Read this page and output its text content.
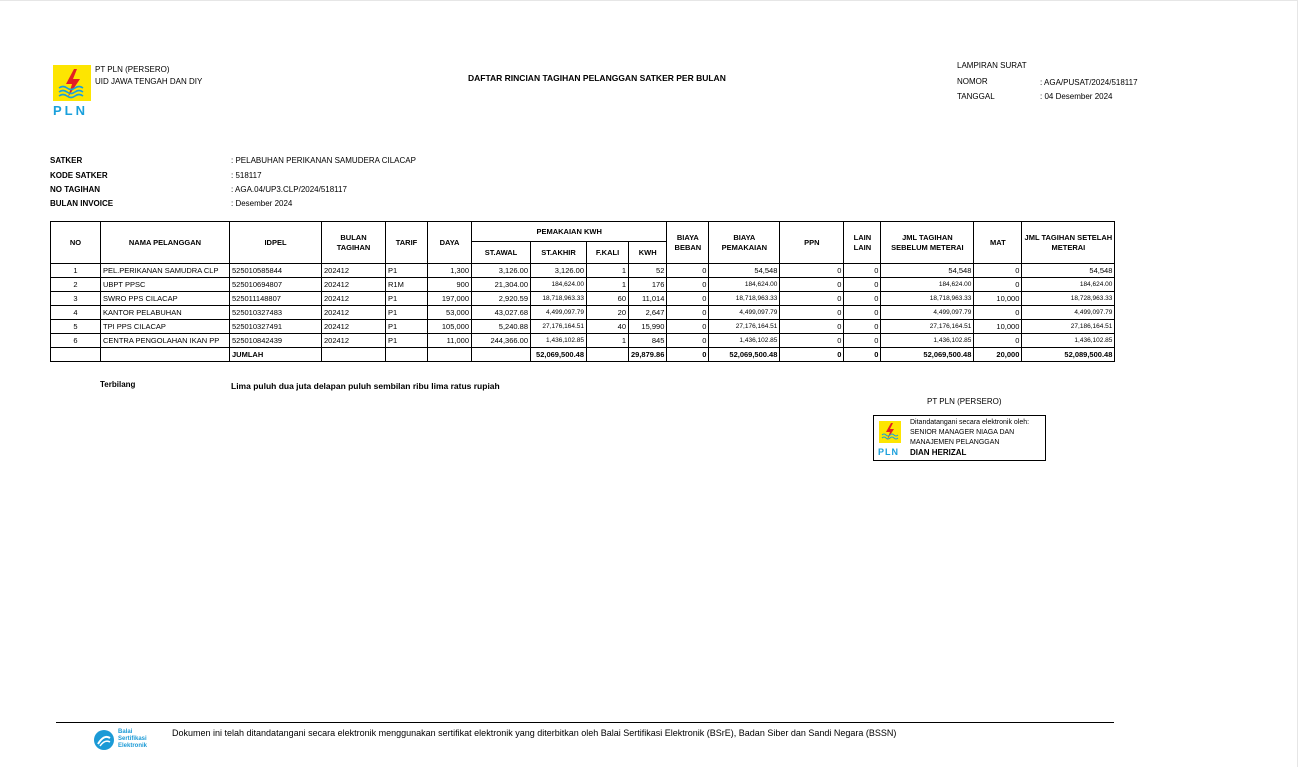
PLN
PT PLN (PERSERO)
UID JAWA TENGAH DAN DIY	DAFTAR RINCIAN TAGIHAN PELANGGAN SATKER PER BULAN
LAMPIRAN SURAT
NOMOR	: AGA/PUSAT/2024/518117
TANGGAL	: 04 Desember 2024
SATKER	: PELABUHAN PERIKANAN SAMUDERA CILACAP
KODE SATKER	: 518117
NO TAGIHAN	: AGA.04/UP3.CLP/2024/518117
BULAN INVOICE	: Desember 2024
NO	NAMA PELANGGAN	IDPEL	BULAN TAGIHAN	TARIF	DAYA	PEMAKAIAN KWH				BIAYA BEBAN	BIAYA PEMAKAIAN	PPN	LAIN LAIN	JML TAGIHAN SEBELUM METERAI	MAT	JML TAGIHAN SETELAH METERAI
						ST.AWAL	ST.AKHIR	F.KALI	KWH							
1	PEL.PERIKANAN SAMUDRA CLP	525010585844	202412	P1	1,300	3,126.00	3,126.00	1	52	0	54,548	0	0	54,548	0	54,548
2	UBPT PPSC	525010694807	202412	R1M	900	21,304.00	184,624.00	1	176	0	184,624.00	0	0	184,624.00	0	184,624.00
3	SWRO PPS CILACAP	525011148807	202412	P1	197,000	2,920.59	18,718,963.33	60	11,014	0	18,718,963.33	0	0	18,718,963.33	10,000	18,728,963.33
4	KANTOR PELABUHAN	525010327483	202412	P1	53,000	43,027.68	4,499,097.79	20	2,647	0	4,499,097.79	0	0	4,499,097.79	0	4,499,097.79
5	TPI PPS CILACAP	525010327491	202412	P1	105,000	5,240.88	27,176,164.51	40	15,990	0	27,176,164.51	0	0	27,176,164.51	10,000	27,186,164.51
6	CENTRA PENGOLAHAN IKAN PP	525010842439	202412	P1	11,000	244,366.00	1,436,102.85	1	845	0	1,436,102.85	0	0	1,436,102.85	0	1,436,102.85
		JUMLAH					52,069,500.48		29,879.86	0	52,069,500.48	0	0	52,069,500.48	20,000	52,089,500.48
Terbilang	Lima puluh dua juta delapan puluh sembilan ribu lima ratus rupiah
PT PLN (PERSERO)
PLN
Ditandatangani secara elektronik oleh:
SENIOR MANAGER NIAGA DAN
MANAJEMEN PELANGGAN
DIAN HERIZAL
Balai
Sertifikasi
Elektronik
Dokumen ini telah ditandatangani secara elektronik menggunakan sertifikat elektronik yang diterbitkan oleh Balai Sertifikasi Elektronik (BSrE), Badan Siber dan Sandi Negara (BSSN)
